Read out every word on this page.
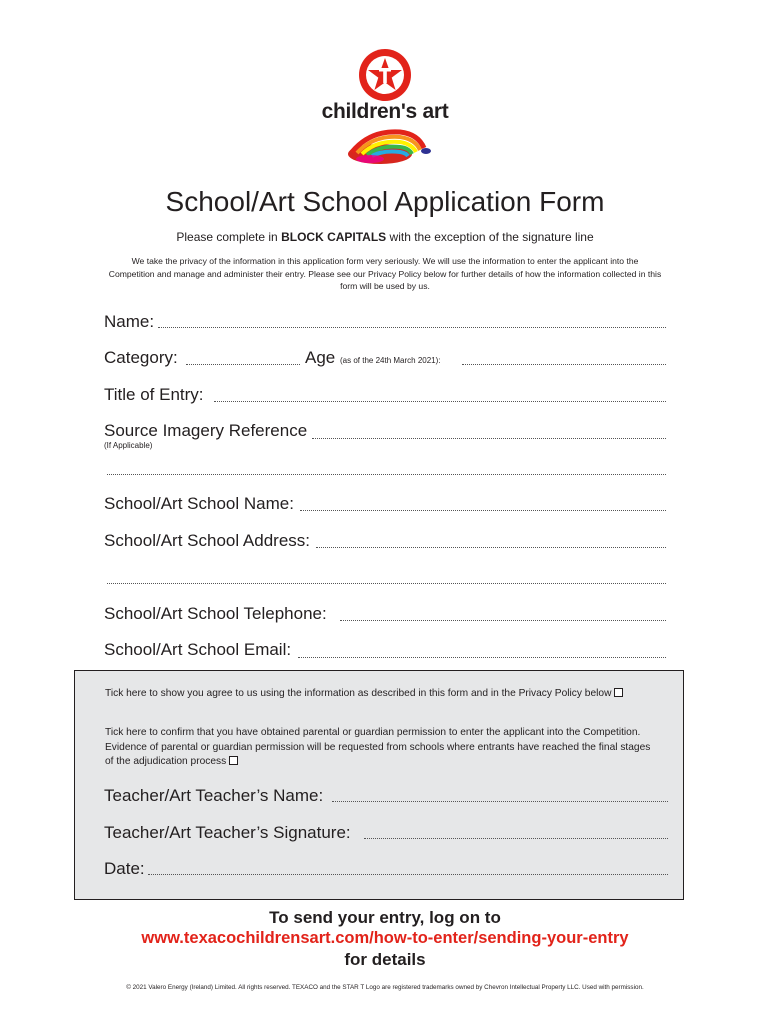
children's art
School/Art School Application Form
Please complete in BLOCK CAPITALS with the exception of the signature line
We take the privacy of the information in this application form very seriously. We will use the information to enter the applicant into the Competition and manage and administer their entry. Please see our Privacy Policy below for further details of how the information collected in this form will be used by us.
Name:
Category:	Age (as of the 24th March 2021):
Title of Entry:
Source Imagery Reference
(If Applicable)
School/Art School Name:
School/Art School Address:
School/Art School Telephone:
School/Art School Email:
Tick here to show you agree to us using the information as described in this form and in the Privacy Policy below
Tick here to confirm that you have obtained parental or guardian permission to enter the applicant into the Competition. Evidence of parental or guardian permission will be requested from schools where entrants have reached the final stages of the adjudication process
Teacher/Art Teacher’s Name:
Teacher/Art Teacher’s Signature:
Date:
To send your entry, log on to
www.texacochildrensart.com/how-to-enter/sending-your-entry
for details
© 2021 Valero Energy (Ireland) Limited. All rights reserved. TEXACO and the STAR T Logo are registered trademarks owned by Chevron Intellectual Property LLC. Used with permission.
